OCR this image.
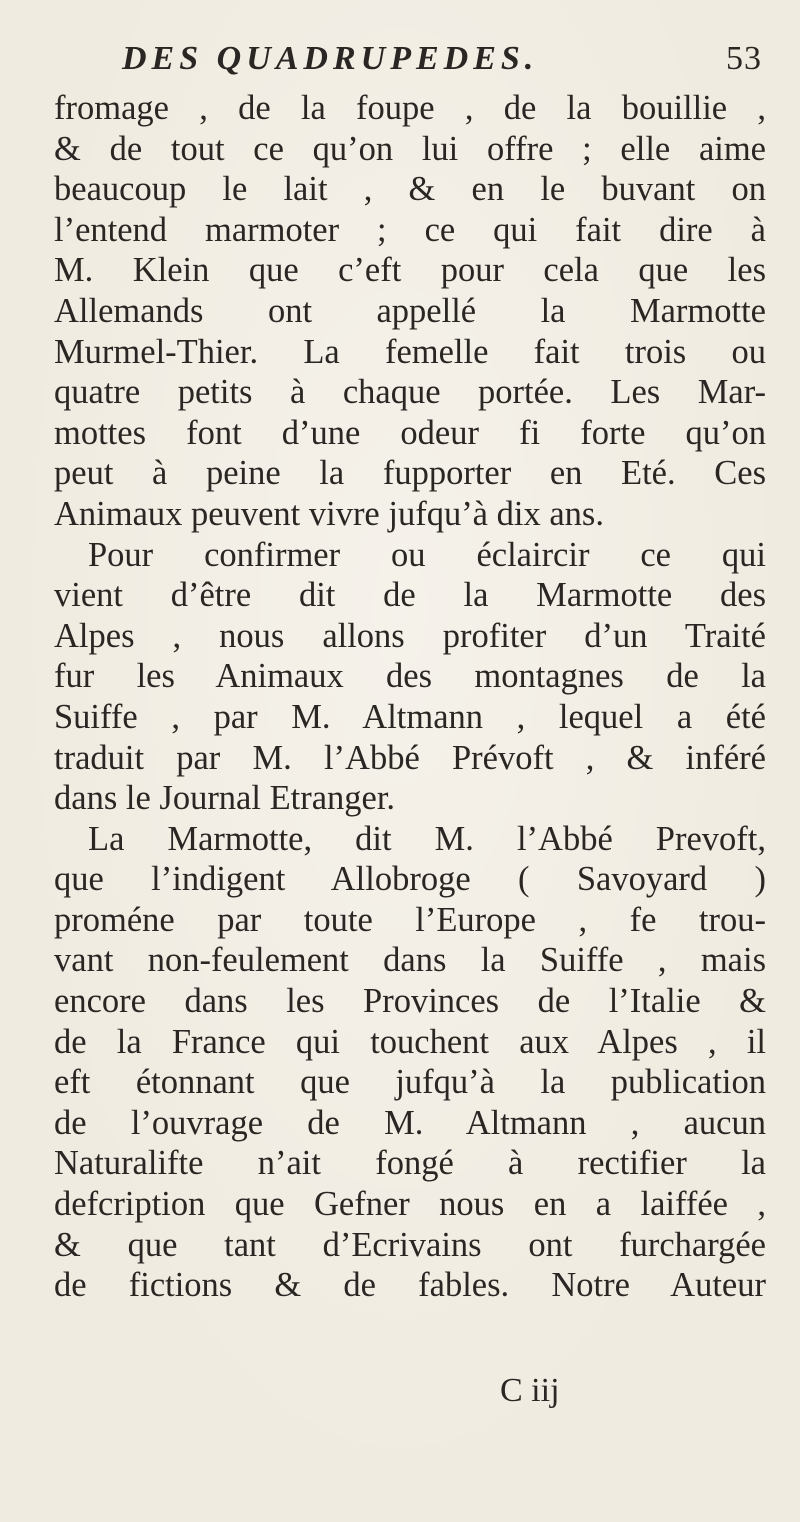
DES QUADRUPEDES.	53
fromage , de la foupe , de la bouillie ,
& de tout ce qu’on lui offre ; elle aime
beaucoup le lait , & en le buvant on
l’entend marmoter ; ce qui fait dire à
M. Klein que c’eft pour cela que les
Allemands ont appellé la Marmotte
Murmel-Thier. La femelle fait trois ou
quatre petits à chaque portée. Les Mar-
mottes font d’une odeur fi forte qu’on
peut à peine la fupporter en Eté. Ces
Animaux peuvent vivre jufqu’à dix ans.
Pour confirmer ou éclaircir ce qui
vient d’être dit de la Marmotte des
Alpes , nous allons profiter d’un Traité
fur les Animaux des montagnes de la
Suiffe , par M. Altmann , lequel a été
traduit par M. l’Abbé Prévoft , & inféré
dans le Journal Etranger.
La Marmotte, dit M. l’Abbé Prevoft,
que l’indigent Allobroge ( Savoyard )
proméne par toute l’Europe , fe trou-
vant non-feulement dans la Suiffe , mais
encore dans les Provinces de l’Italie &
de la France qui touchent aux Alpes , il
eft étonnant que jufqu’à la publication
de l’ouvrage de M. Altmann , aucun
Naturalifte n’ait fongé à rectifier la
defcription que Gefner nous en a laiffée ,
& que tant d’Ecrivains ont furchargée
de fictions & de fables. Notre Auteur
C iij
